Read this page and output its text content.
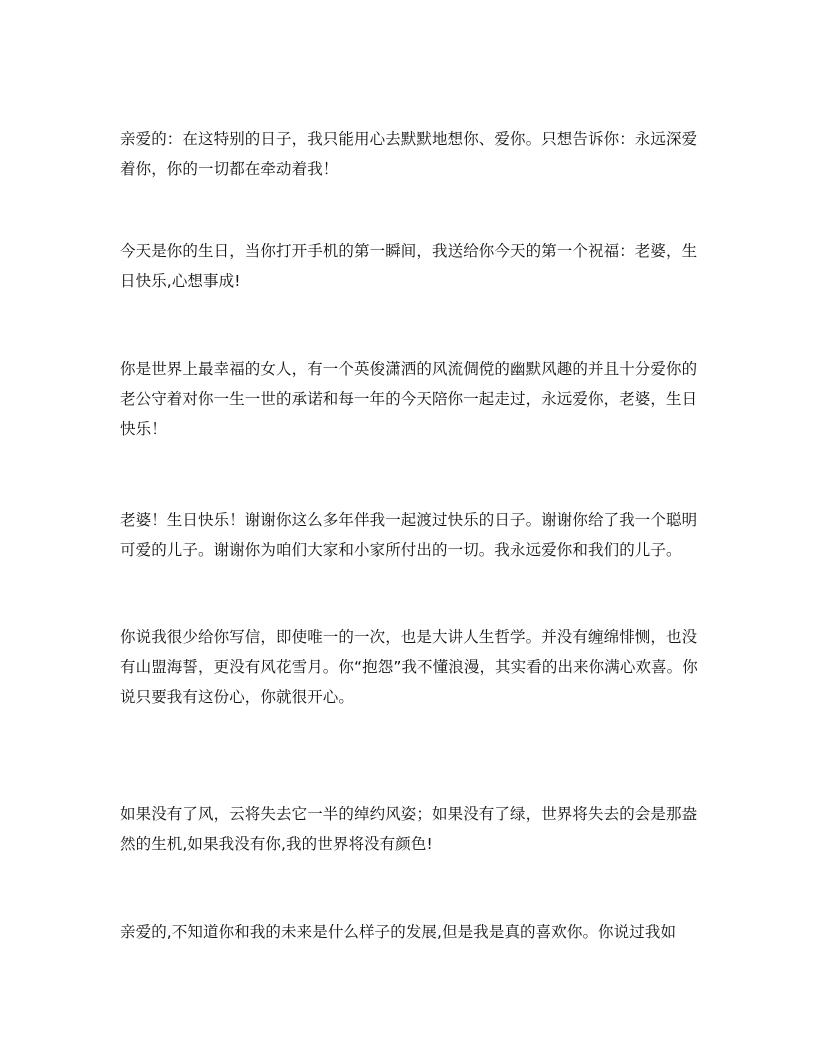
亲爱的：在这特别的日子，我只能用心去默默地想你、爱你。只想告诉你：永远深爱着你，你的一切都在牵动着我！

今天是你的生日，当你打开手机的第一瞬间，我送给你今天的第一个祝福：老婆，生日快乐,心想事成!

你是世界上最幸福的女人，有一个英俊潇洒的风流倜傥的幽默风趣的并且十分爱你的老公守着对你一生一世的承诺和每一年的今天陪你一起走过，永远爱你，老婆，生日快乐！

老婆！生日快乐！谢谢你这么多年伴我一起渡过快乐的日子。谢谢你给了我一个聪明可爱的儿子。谢谢你为咱们大家和小家所付出的一切。我永远爱你和我们的儿子。

你说我很少给你写信，即使唯一的一次，也是大讲人生哲学。并没有缠绵悱恻，也没有山盟海誓，更没有风花雪月。你“抱怨”我不懂浪漫，其实看的出来你满心欢喜。你说只要我有这份心，你就很开心。

如果没有了风，云将失去它一半的绰约风姿；如果没有了绿，世界将失去的会是那盎然的生机,如果我没有你,我的世界将没有颜色!

亲爱的,不知道你和我的未来是什么样子的发展,但是我是真的喜欢你。你说过我如
